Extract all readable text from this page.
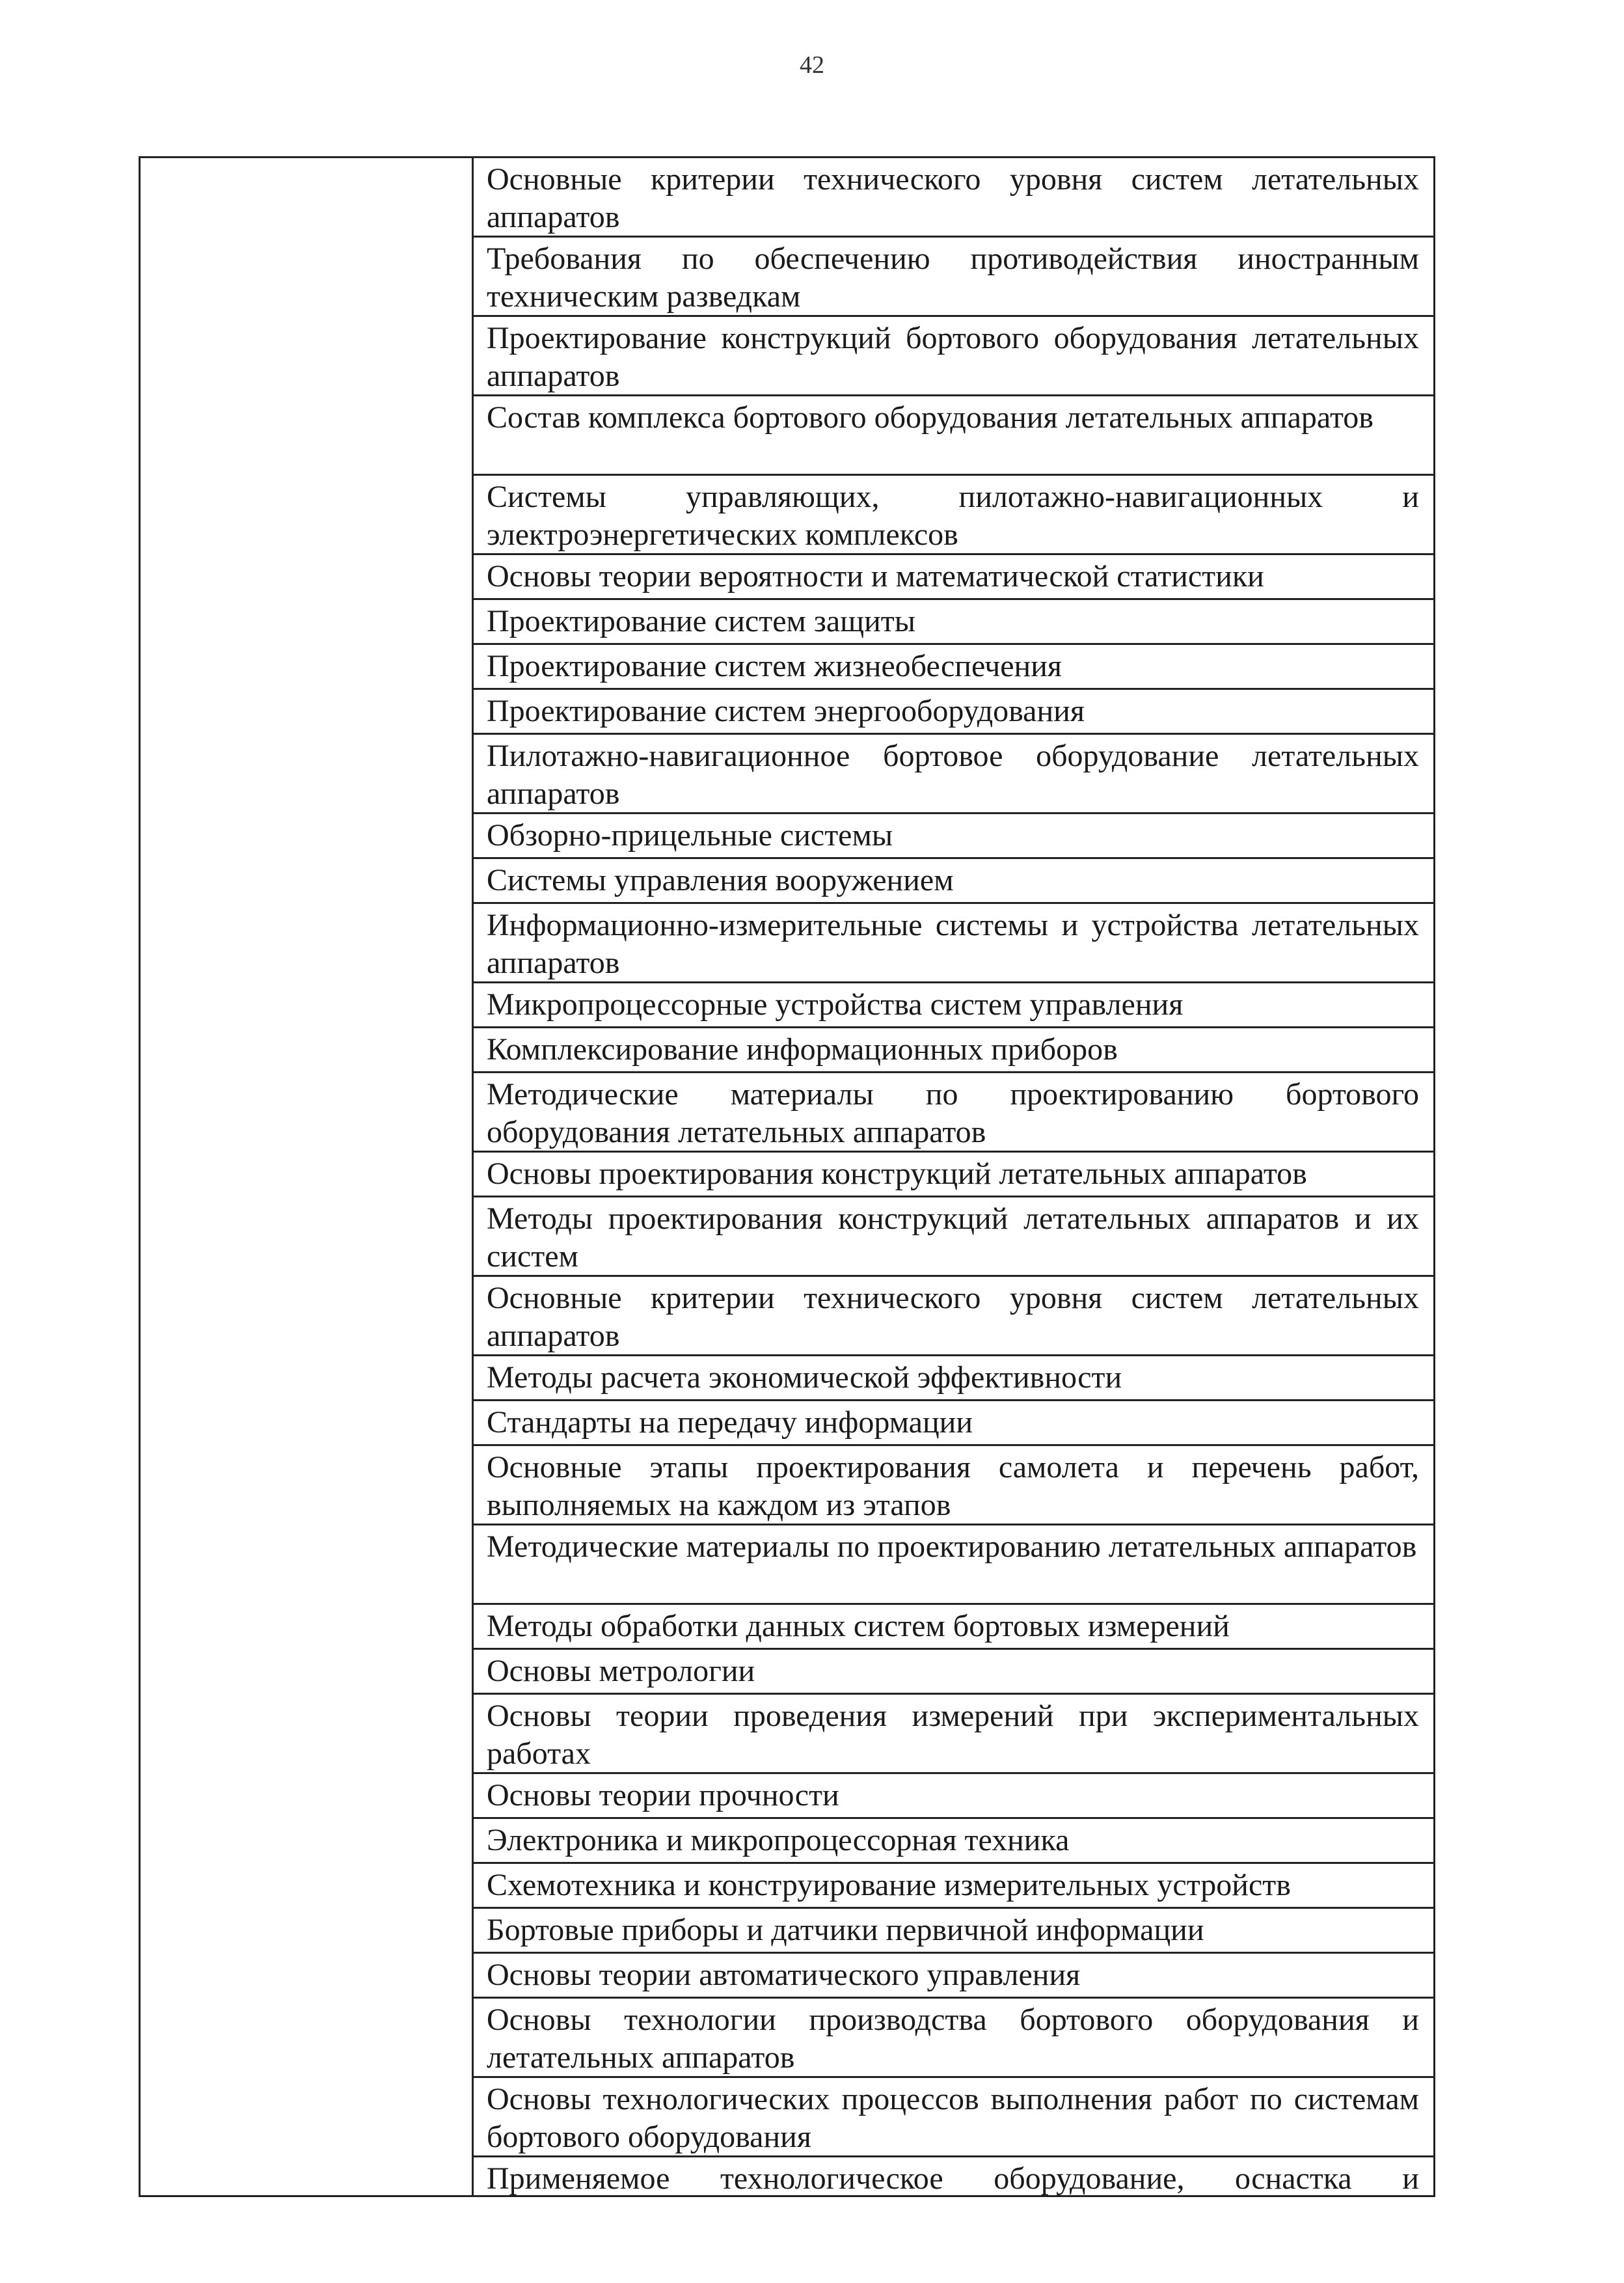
42
Основные критерии технического уровня систем летательных аппаратов
Требования по обеспечению противодействия иностранным техническим разведкам
Проектирование конструкций бортового оборудования летательных аппаратов
Состав комплекса бортового оборудования летательных аппаратов
Системы управляющих, пилотажно-навигационных и электроэнергетических комплексов
Основы теории вероятности и математической статистики
Проектирование систем защиты
Проектирование систем жизнеобеспечения
Проектирование систем энергооборудования
Пилотажно-навигационное бортовое оборудование летательных аппаратов
Обзорно-прицельные системы
Системы управления вооружением
Информационно-измерительные системы и устройства летательных аппаратов
Микропроцессорные устройства систем управления
Комплексирование информационных приборов
Методические материалы по проектированию бортового оборудования летательных аппаратов
Основы проектирования конструкций летательных аппаратов
Методы проектирования конструкций летательных аппаратов и их систем
Основные критерии технического уровня систем летательных аппаратов
Методы расчета экономической эффективности
Стандарты на передачу информации
Основные этапы проектирования самолета и перечень работ, выполняемых на каждом из этапов
Методические материалы по проектированию летательных аппаратов
Методы обработки данных систем бортовых измерений
Основы метрологии
Основы теории проведения измерений при экспериментальных работах
Основы теории прочности
Электроника и микропроцессорная техника
Схемотехника и конструирование измерительных устройств
Бортовые приборы и датчики первичной информации
Основы теории автоматического управления
Основы технологии производства бортового оборудования и летательных аппаратов
Основы технологических процессов выполнения работ по системам бортового оборудования
Применяемое технологическое оборудование, оснастка и
